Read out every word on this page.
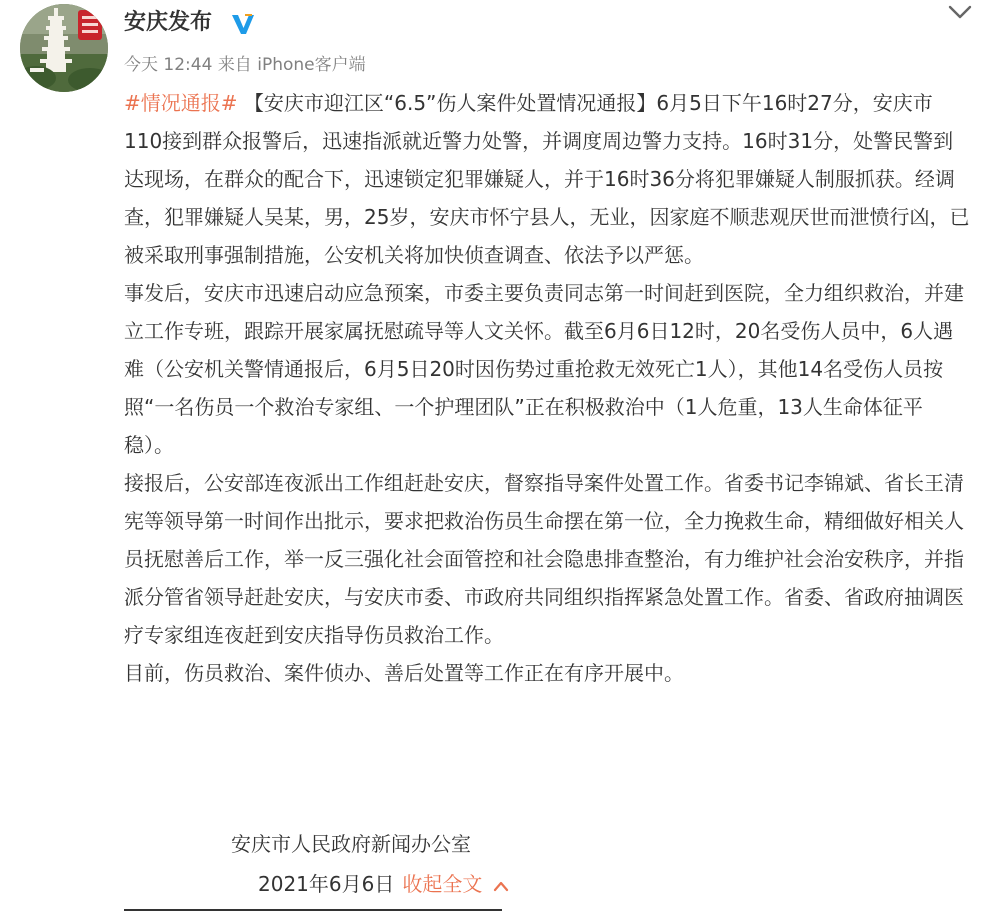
安庆发布
今天 12:44 来自 iPhone客户端

#情况通报# 【安庆市迎江区“6.5”伤人案件处置情况通报】6月5日下午16时27分，安庆市110接到群众报警后，迅速指派就近警力处警，并调度周边警力支持。16时31分，处警民警到达现场，在群众的配合下，迅速锁定犯罪嫌疑人，并于16时36分将犯罪嫌疑人制服抓获。经调查，犯罪嫌疑人吴某，男，25岁，安庆市怀宁县人，无业，因家庭不顺悲观厌世而泄愤行凶，已被采取刑事强制措施，公安机关将加快侦查调查、依法予以严惩。

事发后，安庆市迅速启动应急预案，市委主要负责同志第一时间赶到医院，全力组织救治，并建立工作专班，跟踪开展家属抚慰疏导等人文关怀。截至6月6日12时，20名受伤人员中，6人遇难（公安机关警情通报后，6月5日20时因伤势过重抢救无效死亡1人），其他14名受伤人员按照“一名伤员一个救治专家组、一个护理团队”正在积极救治中（1人危重，13人生命体征平稳）。

接报后，公安部连夜派出工作组赶赴安庆，督察指导案件处置工作。省委书记李锦斌、省长王清宪等领导第一时间作出批示，要求把救治伤员生命摆在第一位，全力挽救生命，精细做好相关人员抚慰善后工作，举一反三强化社会面管控和社会隐患排查整治，有力维护社会治安秩序，并指派分管省领导赶赴安庆，与安庆市委、市政府共同组织指挥紧急处置工作。省委、省政府抽调医疗专家组连夜赶到安庆指导伤员救治工作。

目前，伤员救治、案件侦办、善后处置等工作正在有序开展中。

安庆市人民政府新闻办公室
2021年6月6日 收起全文
